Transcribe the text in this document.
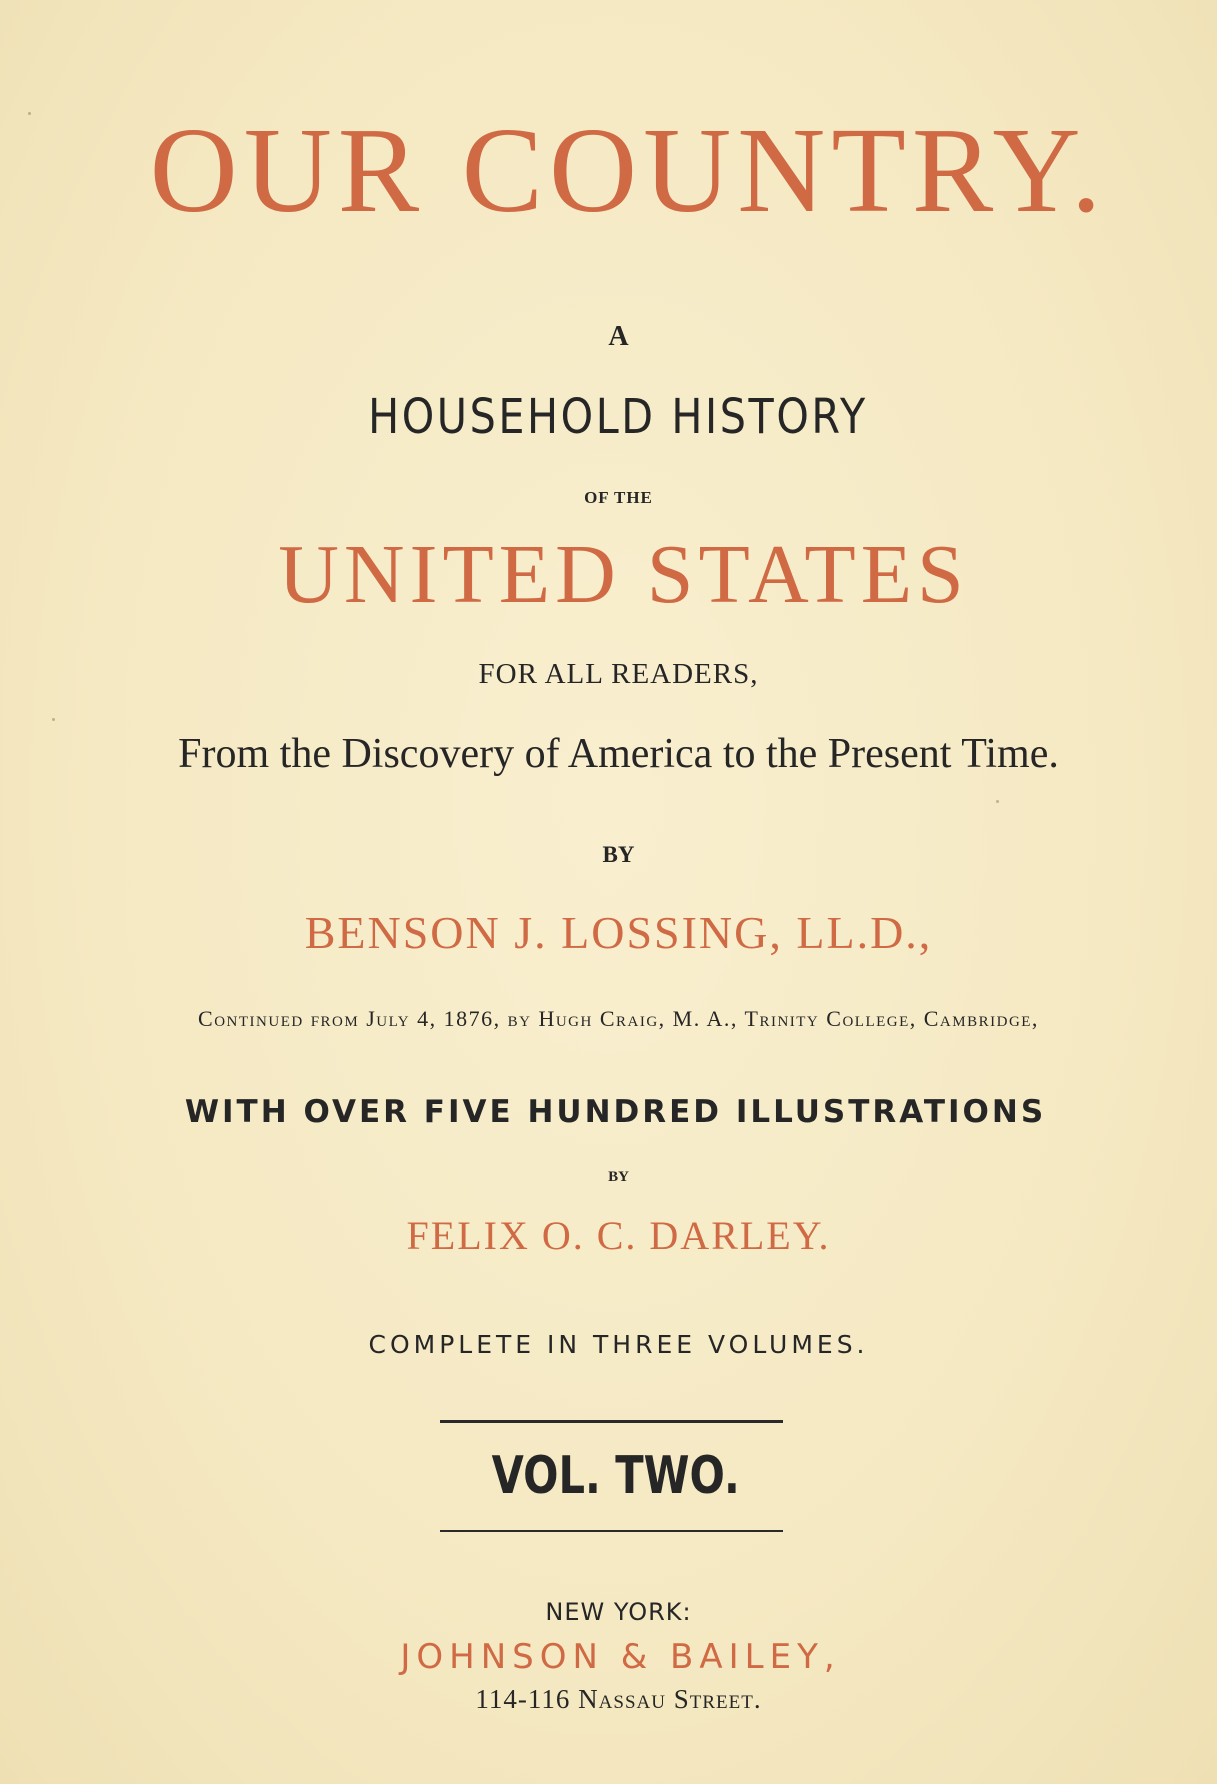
OUR COUNTRY.
A
HOUSEHOLD HISTORY
OF THE
UNITED STATES
FOR ALL READERS,
From the Discovery of America to the Present Time.
BY
BENSON J. LOSSING, LL.D.,
Continued from July 4, 1876, by Hugh Craig, M. A., Trinity College, Cambridge,
WITH OVER FIVE HUNDRED ILLUSTRATIONS
BY
FELIX O. C. DARLEY.
COMPLETE IN THREE VOLUMES.
VOL. TWO.
NEW YORK:
JOHNSON & BAILEY,
114-116 Nassau Street.
